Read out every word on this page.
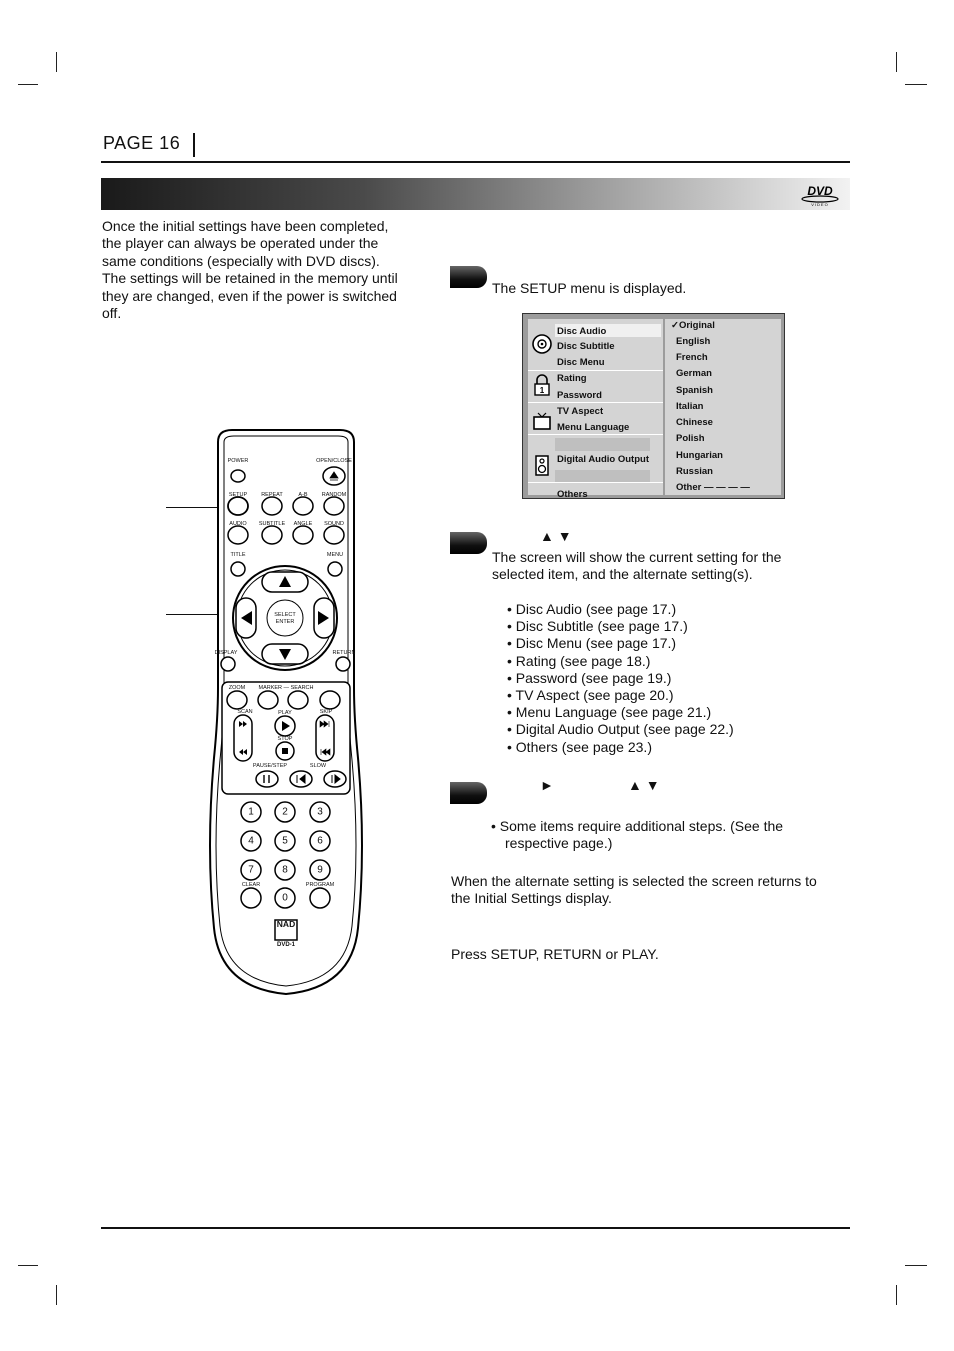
PAGE 16
DVD
VIDEO
Once the initial settings have been completed,
the player can always be operated under the
same conditions (especially with DVD discs).
The settings will be retained in the memory until
they are changed, even if the power is switched
off.
The SETUP menu is displayed.
1
Disc Audio
Disc Subtitle
Disc Menu
Rating
Password
TV Aspect
Menu Language
Digital Audio Output
Others
✓Original
English
French
German
Spanish
Italian
Chinese
Polish
Hungarian
Russian
Other — — — —
▲ ▼
The screen will show the current setting for the
selected item, and the alternate setting(s).
• Disc Audio (see page 17.)
• Disc Subtitle (see page 17.)
• Disc Menu (see page 17.)
• Rating (see page 18.)
• Password (see page 19.)
• TV Aspect (see page 20.)
• Menu Language (see page 21.)
• Digital Audio Output (see page 22.)
• Others (see page 23.)
►	▲ ▼
• Some items require additional steps. (See the
respective page.)
When the alternate setting is selected the screen returns to
the Initial Settings display.
Press SETUP, RETURN or PLAY.
POWER	OPEN/CLOSE
SETUP	REPEAT	A-B	RANDOM
AUDIO SUBTITLE ANGLE SOUND
TITLE	MENU
SELECT
ENTER
DISPLAY	RETURN
ZOOM MARKER — SEARCH
SCAN	PLAY	SKIP
STOP
PAUSE/STEP	SLOW
1	2	3
4	5	6
7	8	9
CLEAR
0
PROGRAM
NAD
DVD-1
